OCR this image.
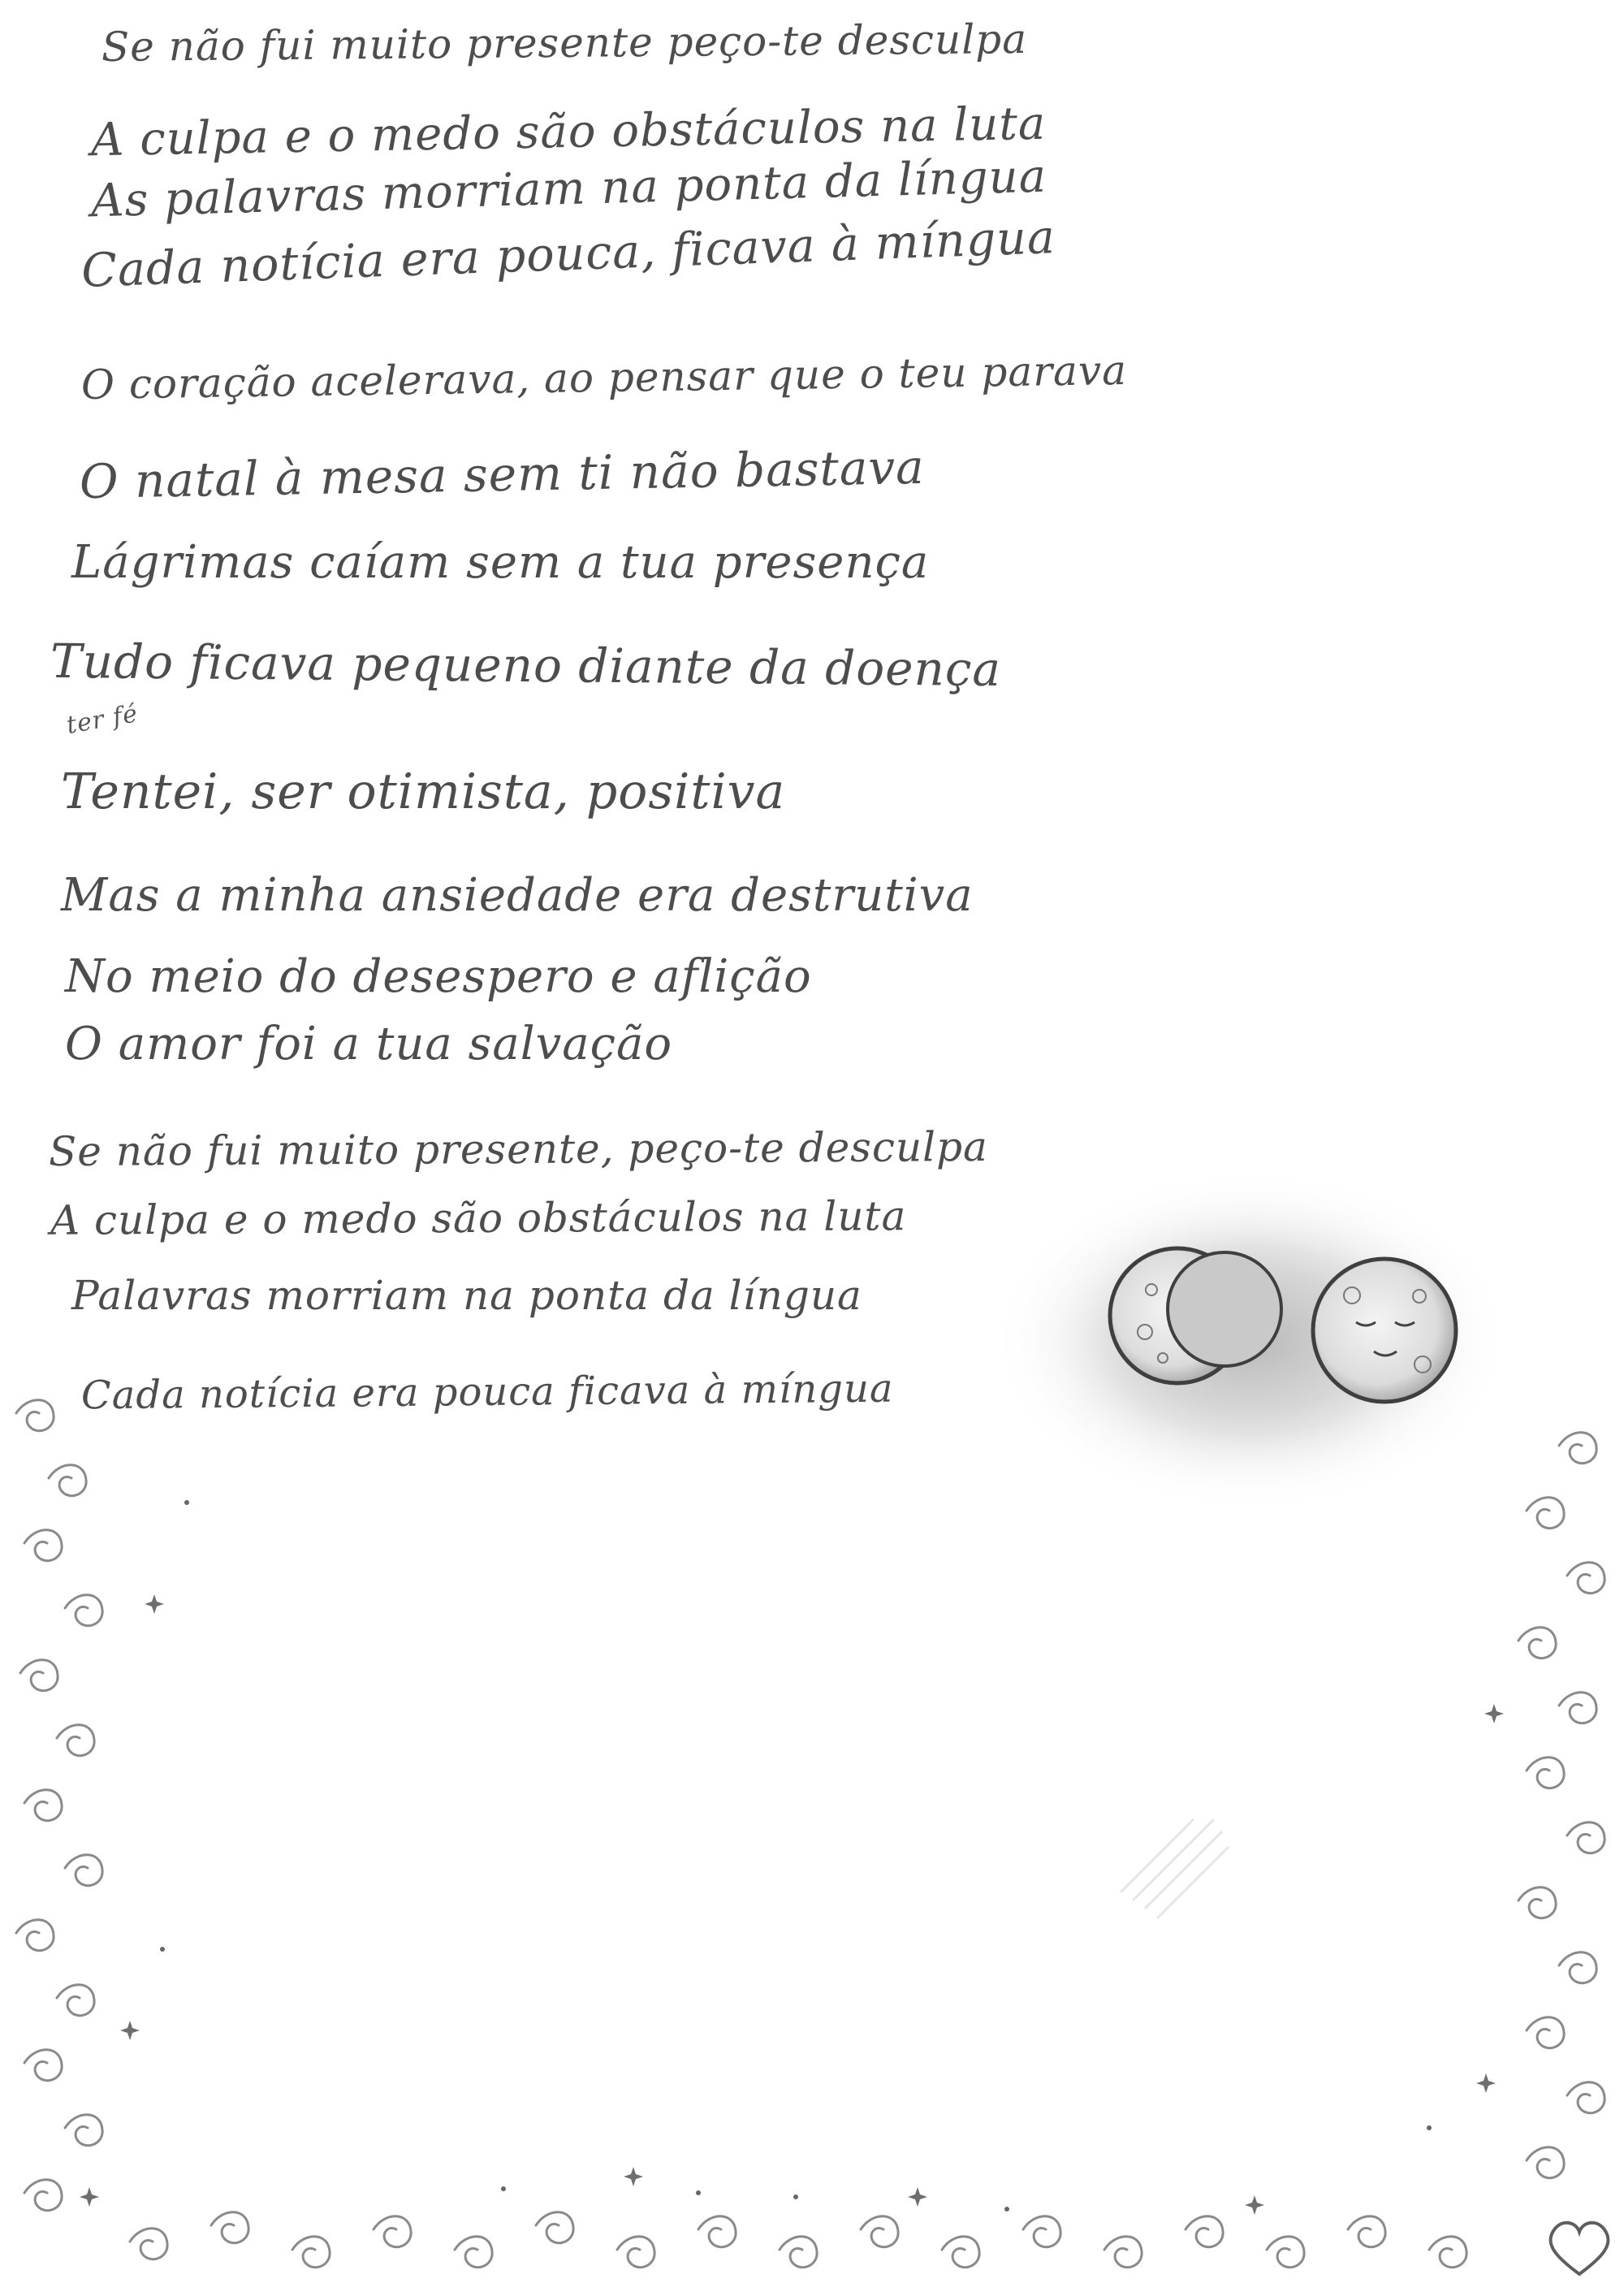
Se não fui muito presente peço-te desculpa
A culpa e o medo são obstáculos na luta
As palavras morriam na ponta da língua
Cada notícia era pouca, ficava à míngua
O coração acelerava, ao pensar que o teu parava
O natal à mesa sem ti não bastava
Lágrimas caíam sem a tua presença
Tudo ficava pequeno diante da doença
Tentei
ter fé
, ser otimista, positiva
Mas a minha ansiedade era destrutiva
No meio do desespero e aflição
O amor foi a tua salvação
Se não fui muito presente, peço-te desculpa
A culpa e o medo são obstáculos na luta
Palavras morriam na ponta da língua
Cada notícia era pouca ficava à míngua
